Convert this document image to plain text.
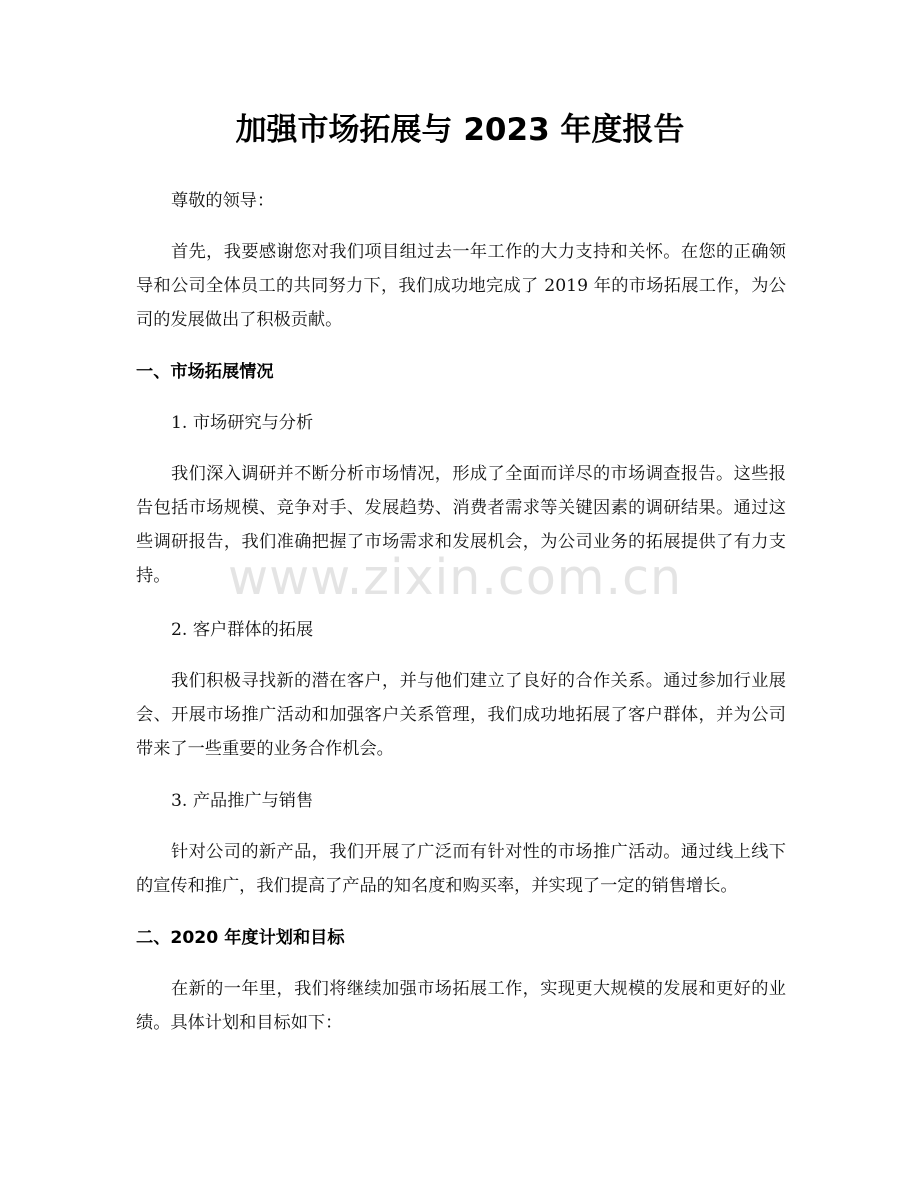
加强市场拓展与 2023 年度报告

尊敬的领导：

首先，我要感谢您对我们项目组过去一年工作的大力支持和关怀。在您的正确领导和公司全体员工的共同努力下，我们成功地完成了 2019 年的市场拓展工作，为公司的发展做出了积极贡献。

一、市场拓展情况

1. 市场研究与分析

我们深入调研并不断分析市场情况，形成了全面而详尽的市场调查报告。这些报告包括市场规模、竞争对手、发展趋势、消费者需求等关键因素的调研结果。通过这些调研报告，我们准确把握了市场需求和发展机会，为公司业务的拓展提供了有力支持。

2. 客户群体的拓展

我们积极寻找新的潜在客户，并与他们建立了良好的合作关系。通过参加行业展会、开展市场推广活动和加强客户关系管理，我们成功地拓展了客户群体，并为公司带来了一些重要的业务合作机会。

3. 产品推广与销售

针对公司的新产品，我们开展了广泛而有针对性的市场推广活动。通过线上线下的宣传和推广，我们提高了产品的知名度和购买率，并实现了一定的销售增长。

二、2020 年度计划和目标

在新的一年里，我们将继续加强市场拓展工作，实现更大规模的发展和更好的业绩。具体计划和目标如下：

www.zixin.com.cn
